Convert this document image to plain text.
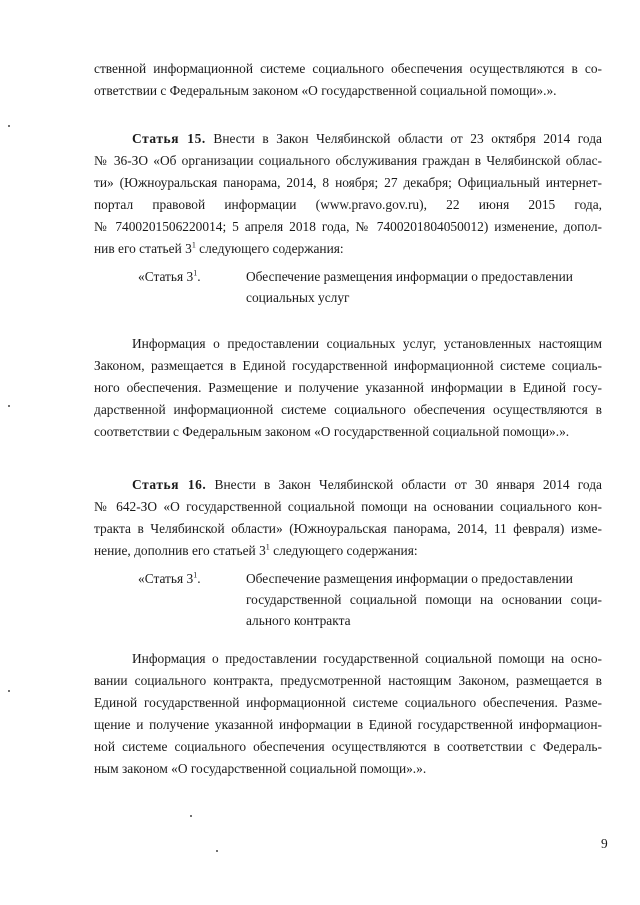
ственной информационной системе социального обеспечения осуществляются в со-
ответствии с Федеральным законом «О государственной социальной помощи».».
Статья 15. Внести в Закон Челябинской области от 23 октября 2014 года
№ 36-ЗО «Об организации социального обслуживания граждан в Челябинской облас-
ти» (Южноуральская панорама, 2014, 8 ноября; 27 декабря; Официальный интернет-
портал правовой информации (www.pravo.gov.ru), 22 июня 2015 года,
№ 7400201506220014; 5 апреля 2018 года, № 7400201804050012) изменение, допол-
нив его статьей $3^1$ следующего содержания:
«Статья $3^1$.	Обеспечение размещения информации о предоставлении
социальных услуг
Информация о предоставлении социальных услуг, установленных настоящим
Законом, размещается в Единой государственной информационной системе социаль-
ного обеспечения. Размещение и получение указанной информации в Единой госу-
дарственной информационной системе социального обеспечения осуществляются в
соответствии с Федеральным законом «О государственной социальной помощи».».
Статья 16. Внести в Закон Челябинской области от 30 января 2014 года
№ 642-ЗО «О государственной социальной помощи на основании социального кон-
тракта в Челябинской области» (Южноуральская панорама, 2014, 11 февраля) изме-
нение, дополнив его статьей $3^1$ следующего содержания:
«Статья $3^1$.	Обеспечение размещения информации о предоставлении
государственной социальной помощи на основании соци-
ального контракта
Информация о предоставлении государственной социальной помощи на осно-
вании социального контракта, предусмотренной настоящим Законом, размещается в
Единой государственной информационной системе социального обеспечения. Разме-
щение и получение указанной информации в Единой государственной информацион-
ной системе социального обеспечения осуществляются в соответствии с Федераль-
ным законом «О государственной социальной помощи».».
9
